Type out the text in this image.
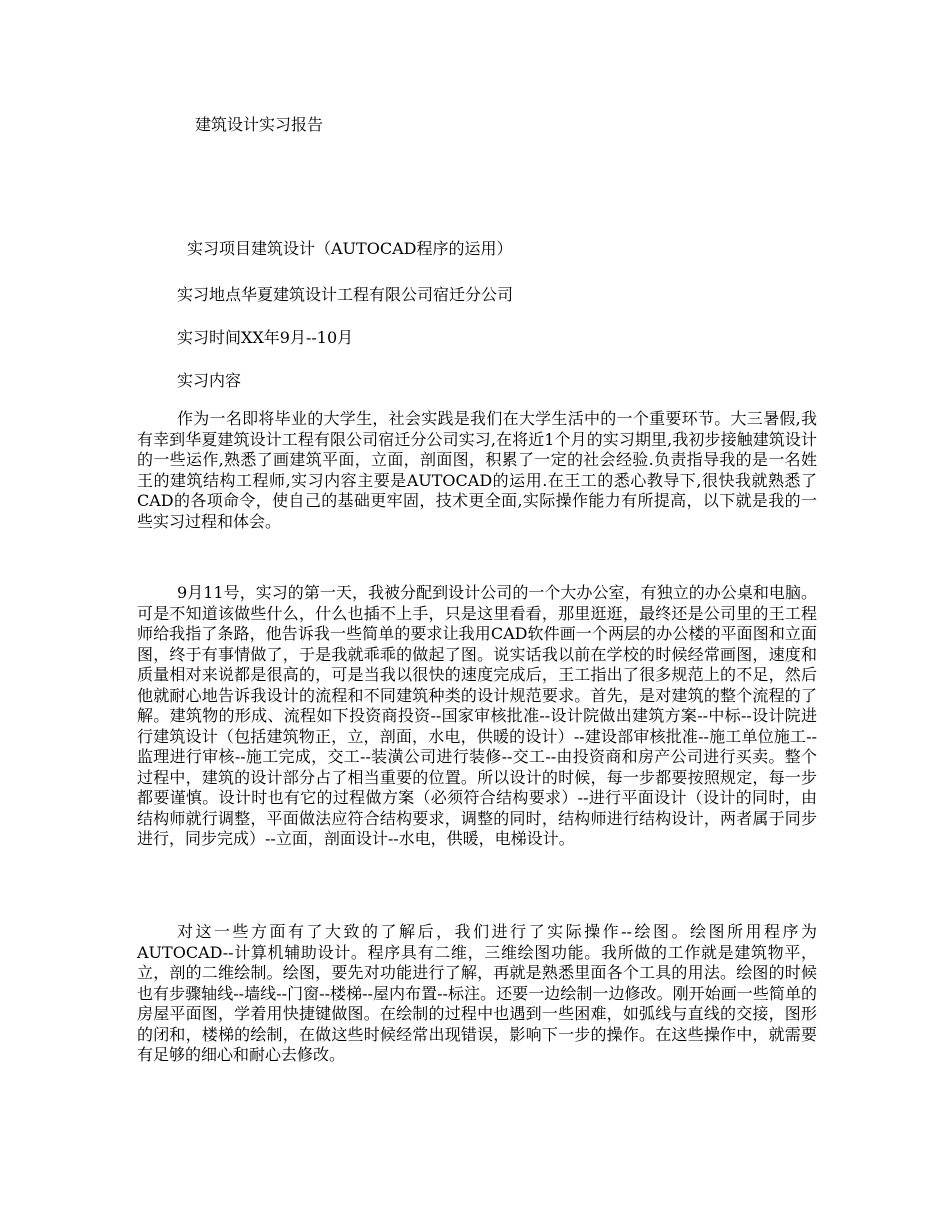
建筑设计实习报告
实习项目建筑设计（AUTOCAD程序的运用）
实习地点华夏建筑设计工程有限公司宿迁分公司
实习时间XX年9月--10月
实习内容
作为一名即将毕业的大学生，社会实践是我们在大学生活中的一个重要环节。大三暑假,我有幸到华夏建筑设计工程有限公司宿迁分公司实习,在将近1个月的实习期里,我初步接触建筑设计的一些运作,熟悉了画建筑平面，立面，剖面图，积累了一定的社会经验.负责指导我的是一名姓王的建筑结构工程师,实习内容主要是AUTOCAD的运用.在王工的悉心教导下,很快我就熟悉了CAD的各项命令，使自己的基础更牢固，技术更全面,实际操作能力有所提高，以下就是我的一些实习过程和体会。
9月11号，实习的第一天，我被分配到设计公司的一个大办公室，有独立的办公桌和电脑。可是不知道该做些什么，什么也插不上手，只是这里看看，那里逛逛，最终还是公司里的王工程师给我指了条路，他告诉我一些简单的要求让我用CAD软件画一个两层的办公楼的平面图和立面图，终于有事情做了，于是我就乖乖的做起了图。说实话我以前在学校的时候经常画图，速度和质量相对来说都是很高的，可是当我以很快的速度完成后，王工指出了很多规范上的不足，然后他就耐心地告诉我设计的流程和不同建筑种类的设计规范要求。首先，是对建筑的整个流程的了解。建筑物的形成、流程如下投资商投资--国家审核批准--设计院做出建筑方案--中标--设计院进行建筑设计（包括建筑物正，立，剖面，水电，供暖的设计）--建设部审核批准--施工单位施工--监理进行审核--施工完成，交工--装潢公司进行装修--交工--由投资商和房产公司进行买卖。整个过程中，建筑的设计部分占了相当重要的位置。所以设计的时候，每一步都要按照规定，每一步都要谨慎。设计时也有它的过程做方案（必须符合结构要求）--进行平面设计（设计的同时，由结构师就行调整，平面做法应符合结构要求，调整的同时，结构师进行结构设计，两者属于同步进行，同步完成）--立面，剖面设计--水电，供暖，电梯设计。
对这一些方面有了大致的了解后，我们进行了实际操作--绘图。绘图所用程序为AUTOCAD--计算机辅助设计。程序具有二维，三维绘图功能。我所做的工作就是建筑物平，立，剖的二维绘制。绘图，要先对功能进行了解，再就是熟悉里面各个工具的用法。绘图的时候也有步骤轴线--墙线--门窗--楼梯--屋内布置--标注。还要一边绘制一边修改。刚开始画一些简单的房屋平面图，学着用快捷键做图。在绘制的过程中也遇到一些困难，如弧线与直线的交接，图形的闭和，楼梯的绘制，在做这些时候经常出现错误，影响下一步的操作。在这些操作中，就需要有足够的细心和耐心去修改。
